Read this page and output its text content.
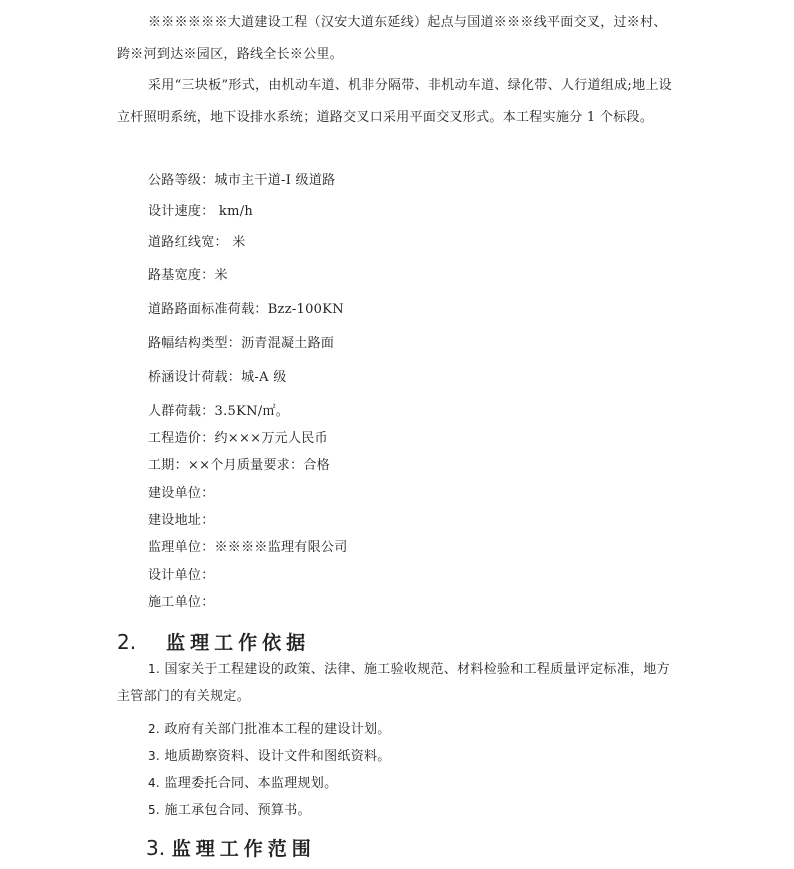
※※※※※※大道建设工程（汉安大道东延线）起点与国道※※※线平面交叉，过※村、跨※河到达※园区，路线全长※公里。
采用“三块板”形式，由机动车道、机非分隔带、非机动车道、绿化带、人行道组成;地上设立杆照明系统，地下设排水系统；道路交叉口采用平面交叉形式。本工程实施分 1 个标段。
公路等级：城市主干道-I 级道路
设计速度： km/h
道路红线宽： 米
路基宽度：米
道路路面标准荷载：Bzz-100KN
路幅结构类型：沥青混凝土路面
桥涵设计荷载：城-A 级
人群荷载：3.5KN/㎡。
工程造价：约×××万元人民币
工期：××个月质量要求：合格
建设单位：
建设地址：
监理单位：※※※※监理有限公司
设计单位：
施工单位：
2. 监理工作依据
1. 国家关于工程建设的政策、法律、施工验收规范、材料检验和工程质量评定标准，地方主管部门的有关规定。
2. 政府有关部门批准本工程的建设计划。
3. 地质勘察资料、设计文件和图纸资料。
4. 监理委托合同、本监理规划。
5. 施工承包合同、预算书。
3. 监理工作范围
